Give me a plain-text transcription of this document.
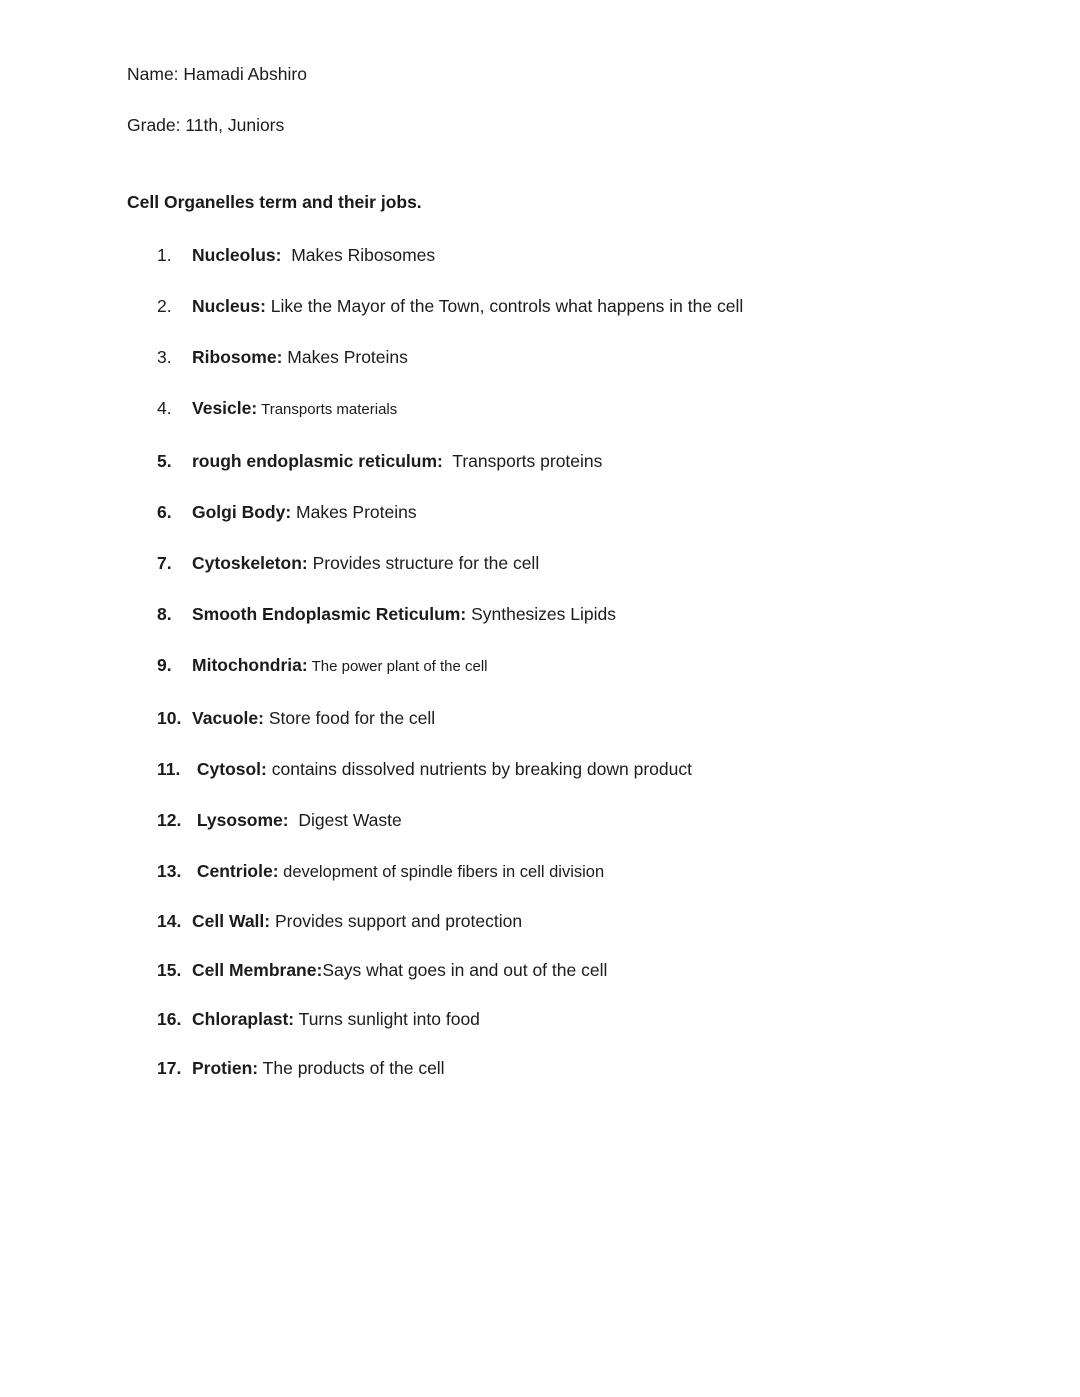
Name: Hamadi Abshiro

Grade: 11th, Juniors

Cell Organelles term and their jobs.
1.	Nucleolus:  Makes Ribosomes
2.	Nucleus: Like the Mayor of the Town, controls what happens in the cell
3.	Ribosome: Makes Proteins
4.	Vesicle: Transports materials
5.	rough endoplasmic reticulum:  Transports proteins
6.	Golgi Body: Makes Proteins
7.	Cytoskeleton: Provides structure for the cell
8.	Smooth Endoplasmic Reticulum: Synthesizes Lipids
9.	Mitochondria: The power plant of the cell
10. Vacuole: Store food for the cell
11. Cytosol: contains dissolved nutrients by breaking down product
12. Lysosome:  Digest Waste
13. Centriole: development of spindle fibers in cell division
14. Cell Wall: Provides support and protection
15. Cell Membrane:Says what goes in and out of the cell
16. Chloraplast: Turns sunlight into food
17. Protien: The products of the cell
